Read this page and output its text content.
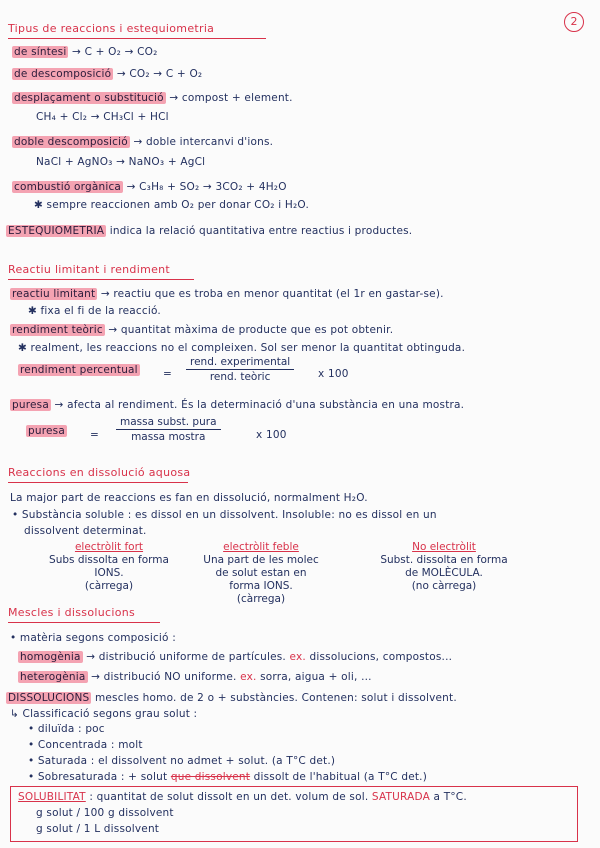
2
Tipus de reaccions i estequiometria
de síntesi → C + O₂ → CO₂
de descomposició → CO₂ → C + O₂
desplaçament o substitució → compost + element.
CH₄ + Cl₂ → CH₃Cl + HCl
doble descomposició → doble intercanvi d'ions.
NaCl + AgNO₃ → NaNO₃ + AgCl
combustió orgànica → C₃H₈ + SO₂ → 3CO₂ + 4H₂O
✱ sempre reaccionen amb O₂ per donar CO₂ i H₂O.
ESTEQUIOMETRIA indica la relació quantitativa entre reactius i productes.
Reactiu limitant i rendiment
reactiu limitant → reactiu que es troba en menor quantitat (el 1r en gastar-se).
✱ fixa el fi de la reacció.
rendiment teòric → quantitat màxima de producte que es pot obtenir.
✱ realment, les reaccions no el compleixen. Sol ser menor la quantitat obtinguda.
rendiment percentual =
rend. experimental
rend. teòric	x 100
puresa → afecta al rendiment. És la determinació d'una substància en una mostra.
puresa =
massa subst. pura
massa mostra	x 100
Reaccions en dissolució aquosa
La major part de reaccions es fan en dissolució, normalment H₂O.
• Substància soluble : es dissol en un dissolvent. Insoluble: no es dissol en un
dissolvent determinat.
electròlit fort
Subs dissolta en forma
IONS.
(càrrega)
electròlit feble
Una part de les molec
de solut estan en
forma IONS.
(càrrega)
No electròlit
Subst. dissolta en forma
de MOLÈCULA.
(no càrrega)
Mescles i dissolucions
• matèria segons composició :
homogènia → distribució uniforme de partícules. ex. dissolucions, compostos...
heterogènia → distribució NO uniforme. ex. sorra, aigua + oli, ...
DISSOLUCIONS mescles homo. de 2 o + substàncies. Contenen: solut i dissolvent.
↳ Classificació segons grau solut :
• diluïda : poc
• Concentrada : molt
• Saturada : el dissolvent no admet + solut. (a T°C det.)
• Sobresaturada : + solut que dissolvent dissolt de l'habitual (a T°C det.)
SOLUBILITAT : quantitat de solut dissolt en un det. volum de sol. SATURADA a T°C.
g solut / 100 g dissolvent
g solut / 1 L dissolvent
